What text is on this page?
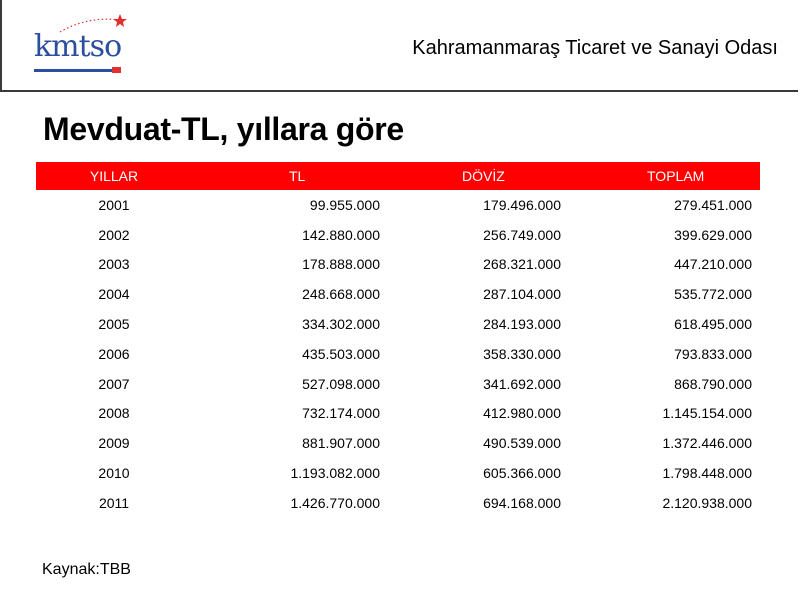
kmtso	Kahramanmaraş Ticaret ve Sanayi Odası
Mevduat-TL, yıllara göre
YILLAR	TL	DÖVİZ	TOPLAM
2001	99.955.000	179.496.000	279.451.000
2002	142.880.000	256.749.000	399.629.000
2003	178.888.000	268.321.000	447.210.000
2004	248.668.000	287.104.000	535.772.000
2005	334.302.000	284.193.000	618.495.000
2006	435.503.000	358.330.000	793.833.000
2007	527.098.000	341.692.000	868.790.000
2008	732.174.000	412.980.000	1.145.154.000
2009	881.907.000	490.539.000	1.372.446.000
2010	1.193.082.000	605.366.000	1.798.448.000
2011	1.426.770.000	694.168.000	2.120.938.000
Kaynak:TBB
